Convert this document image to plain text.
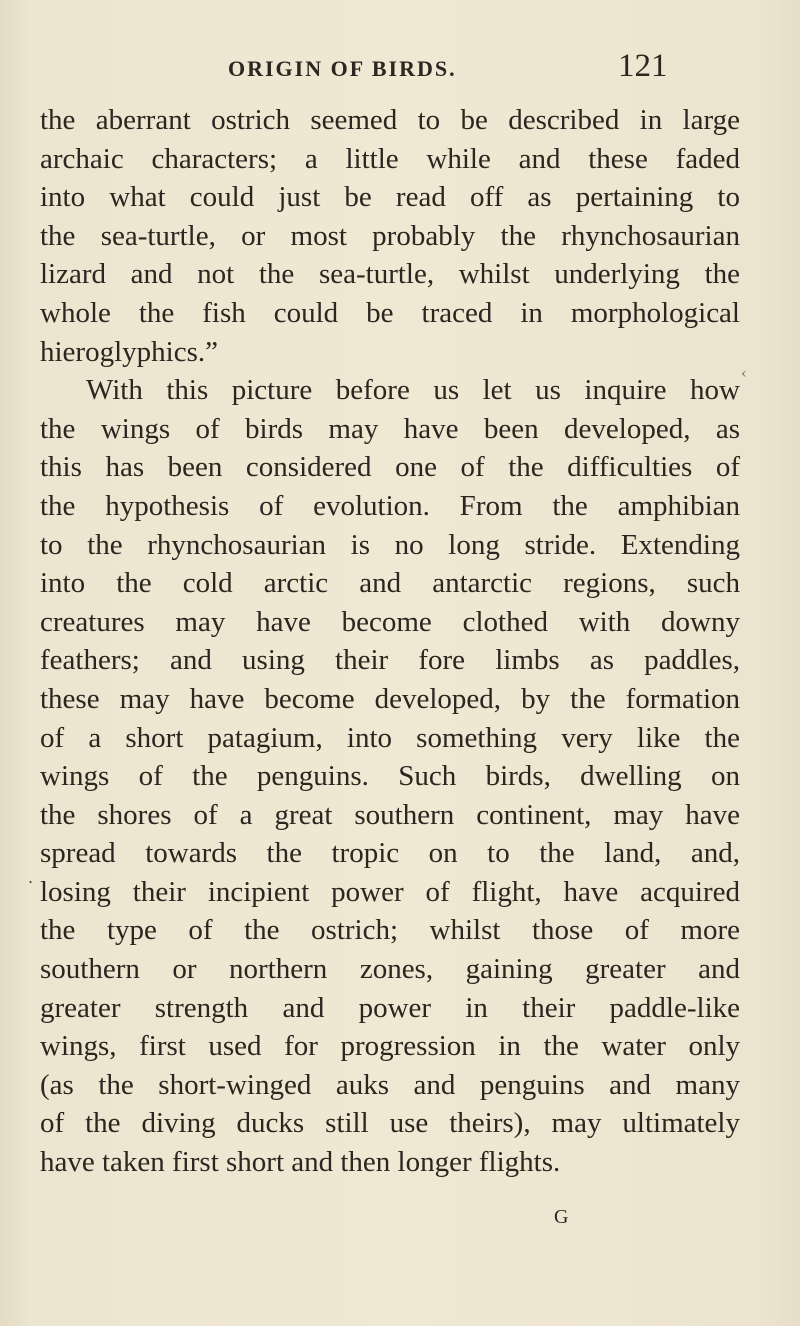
ORIGIN OF BIRDS.	121
the aberrant ostrich seemed to be described in large
archaic characters; a little while and these faded
into what could just be read off as pertaining to
the sea-turtle, or most probably the rhynchosaurian
lizard and not the sea-turtle, whilst underlying the
whole the fish could be traced in morphological
hieroglyphics.”
With this picture before us let us inquire how
the wings of birds may have been developed, as
this has been considered one of the difficulties of
the hypothesis of evolution. From the amphibian
to the rhynchosaurian is no long stride. Extending
into the cold arctic and antarctic regions, such
creatures may have become clothed with downy
feathers; and using their fore limbs as paddles,
these may have become developed, by the formation
of a short patagium, into something very like the
wings of the penguins. Such birds, dwelling on
the shores of a great southern continent, may have
spread towards the tropic on to the land, and,
losing their incipient power of flight, have acquired
the type of the ostrich; whilst those of more
southern or northern zones, gaining greater and
greater strength and power in their paddle-like
wings, first used for progression in the water only
(as the short-winged auks and penguins and many
of the diving ducks still use theirs), may ultimately
have taken first short and then longer flights.
G
‹
.
